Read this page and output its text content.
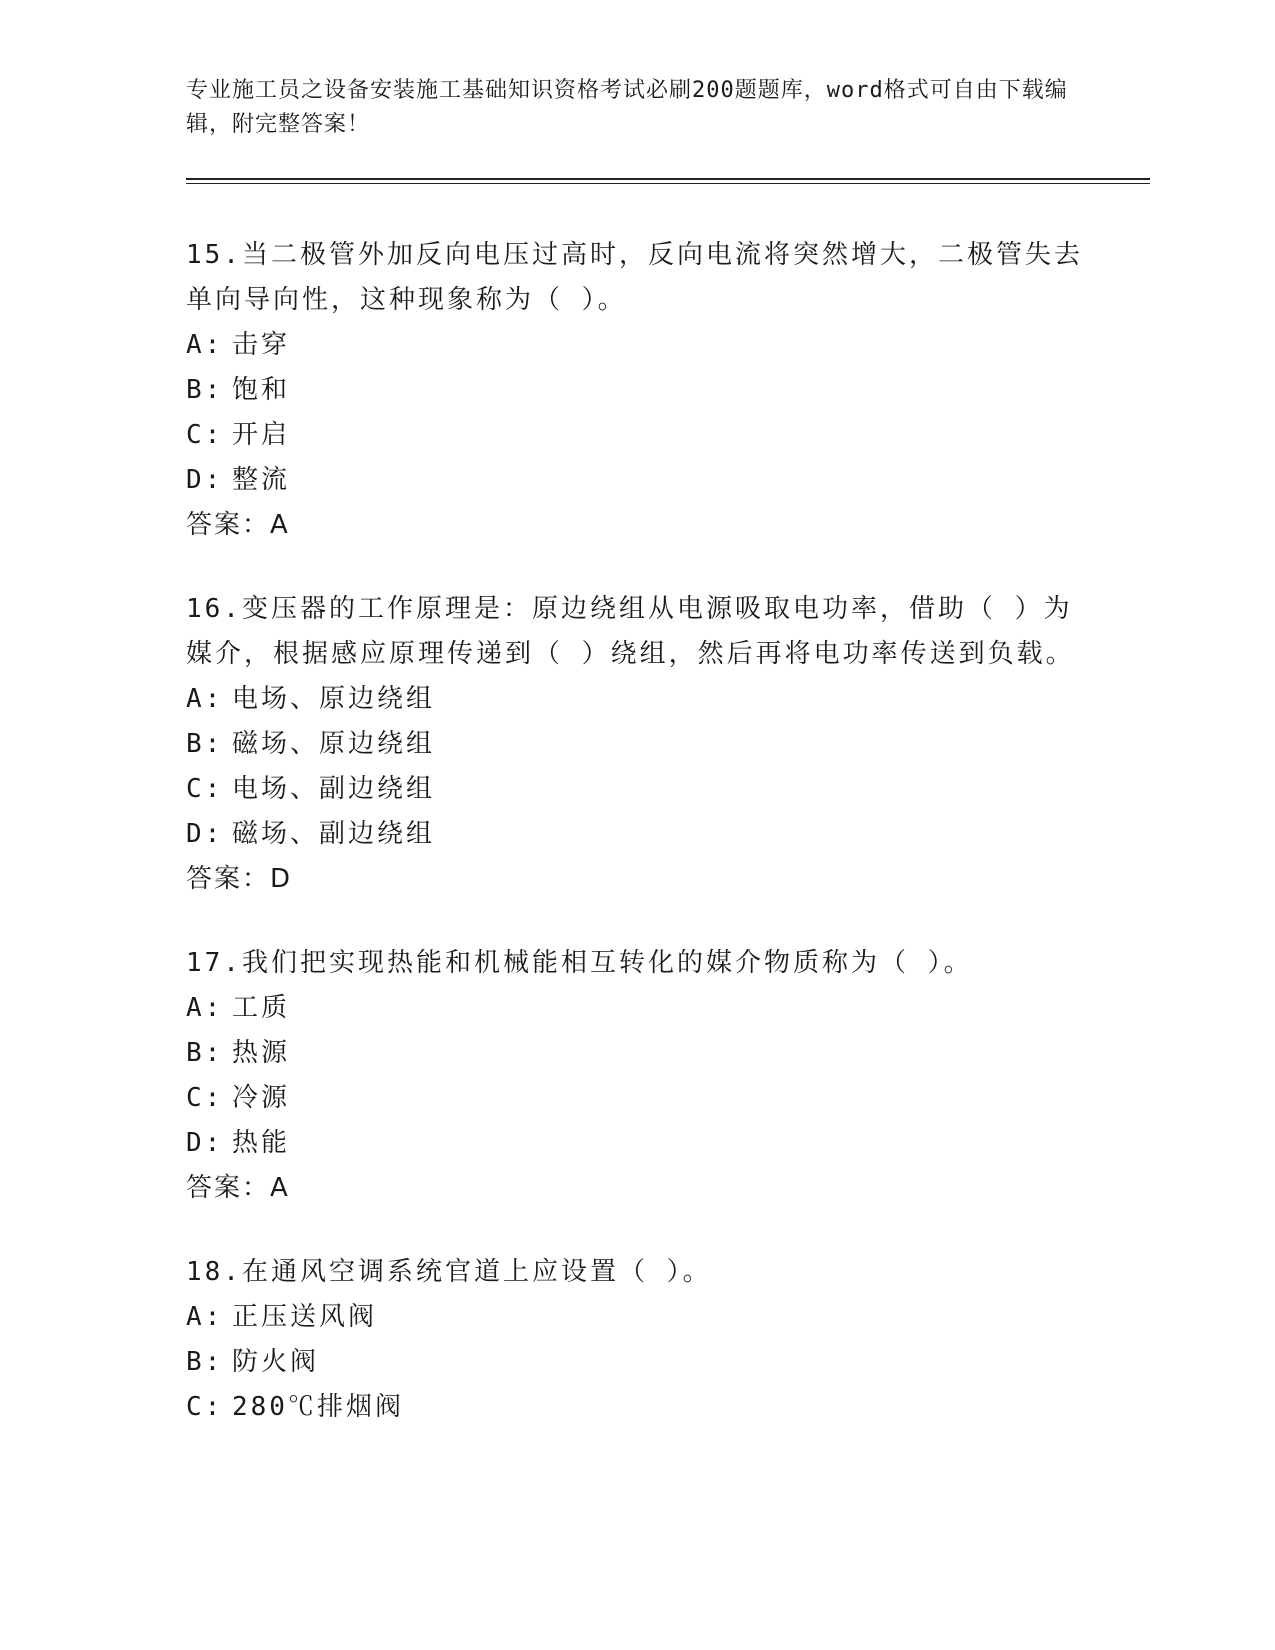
专业施工员之设备安装施工基础知识资格考试必刷200题题库，word格式可自由下载编辑，附完整答案！

15.当二极管外加反向电压过高时，反向电流将突然增大，二极管失去单向导向性，这种现象称为（ ）。

A: 击穿

B: 饱和

C: 开启

D: 整流

答案：A

16.变压器的工作原理是：原边绕组从电源吸取电功率，借助（ ）为媒介，根据感应原理传递到（ ）绕组，然后再将电功率传送到负载。

A: 电场、原边绕组

B: 磁场、原边绕组

C: 电场、副边绕组

D: 磁场、副边绕组

答案：D

17.我们把实现热能和机械能相互转化的媒介物质称为（ ）。

A: 工质

B: 热源

C: 冷源

D: 热能

答案：A

18.在通风空调系统官道上应设置（ ）。

A: 正压送风阀

B: 防火阀

C: 280℃排烟阀
